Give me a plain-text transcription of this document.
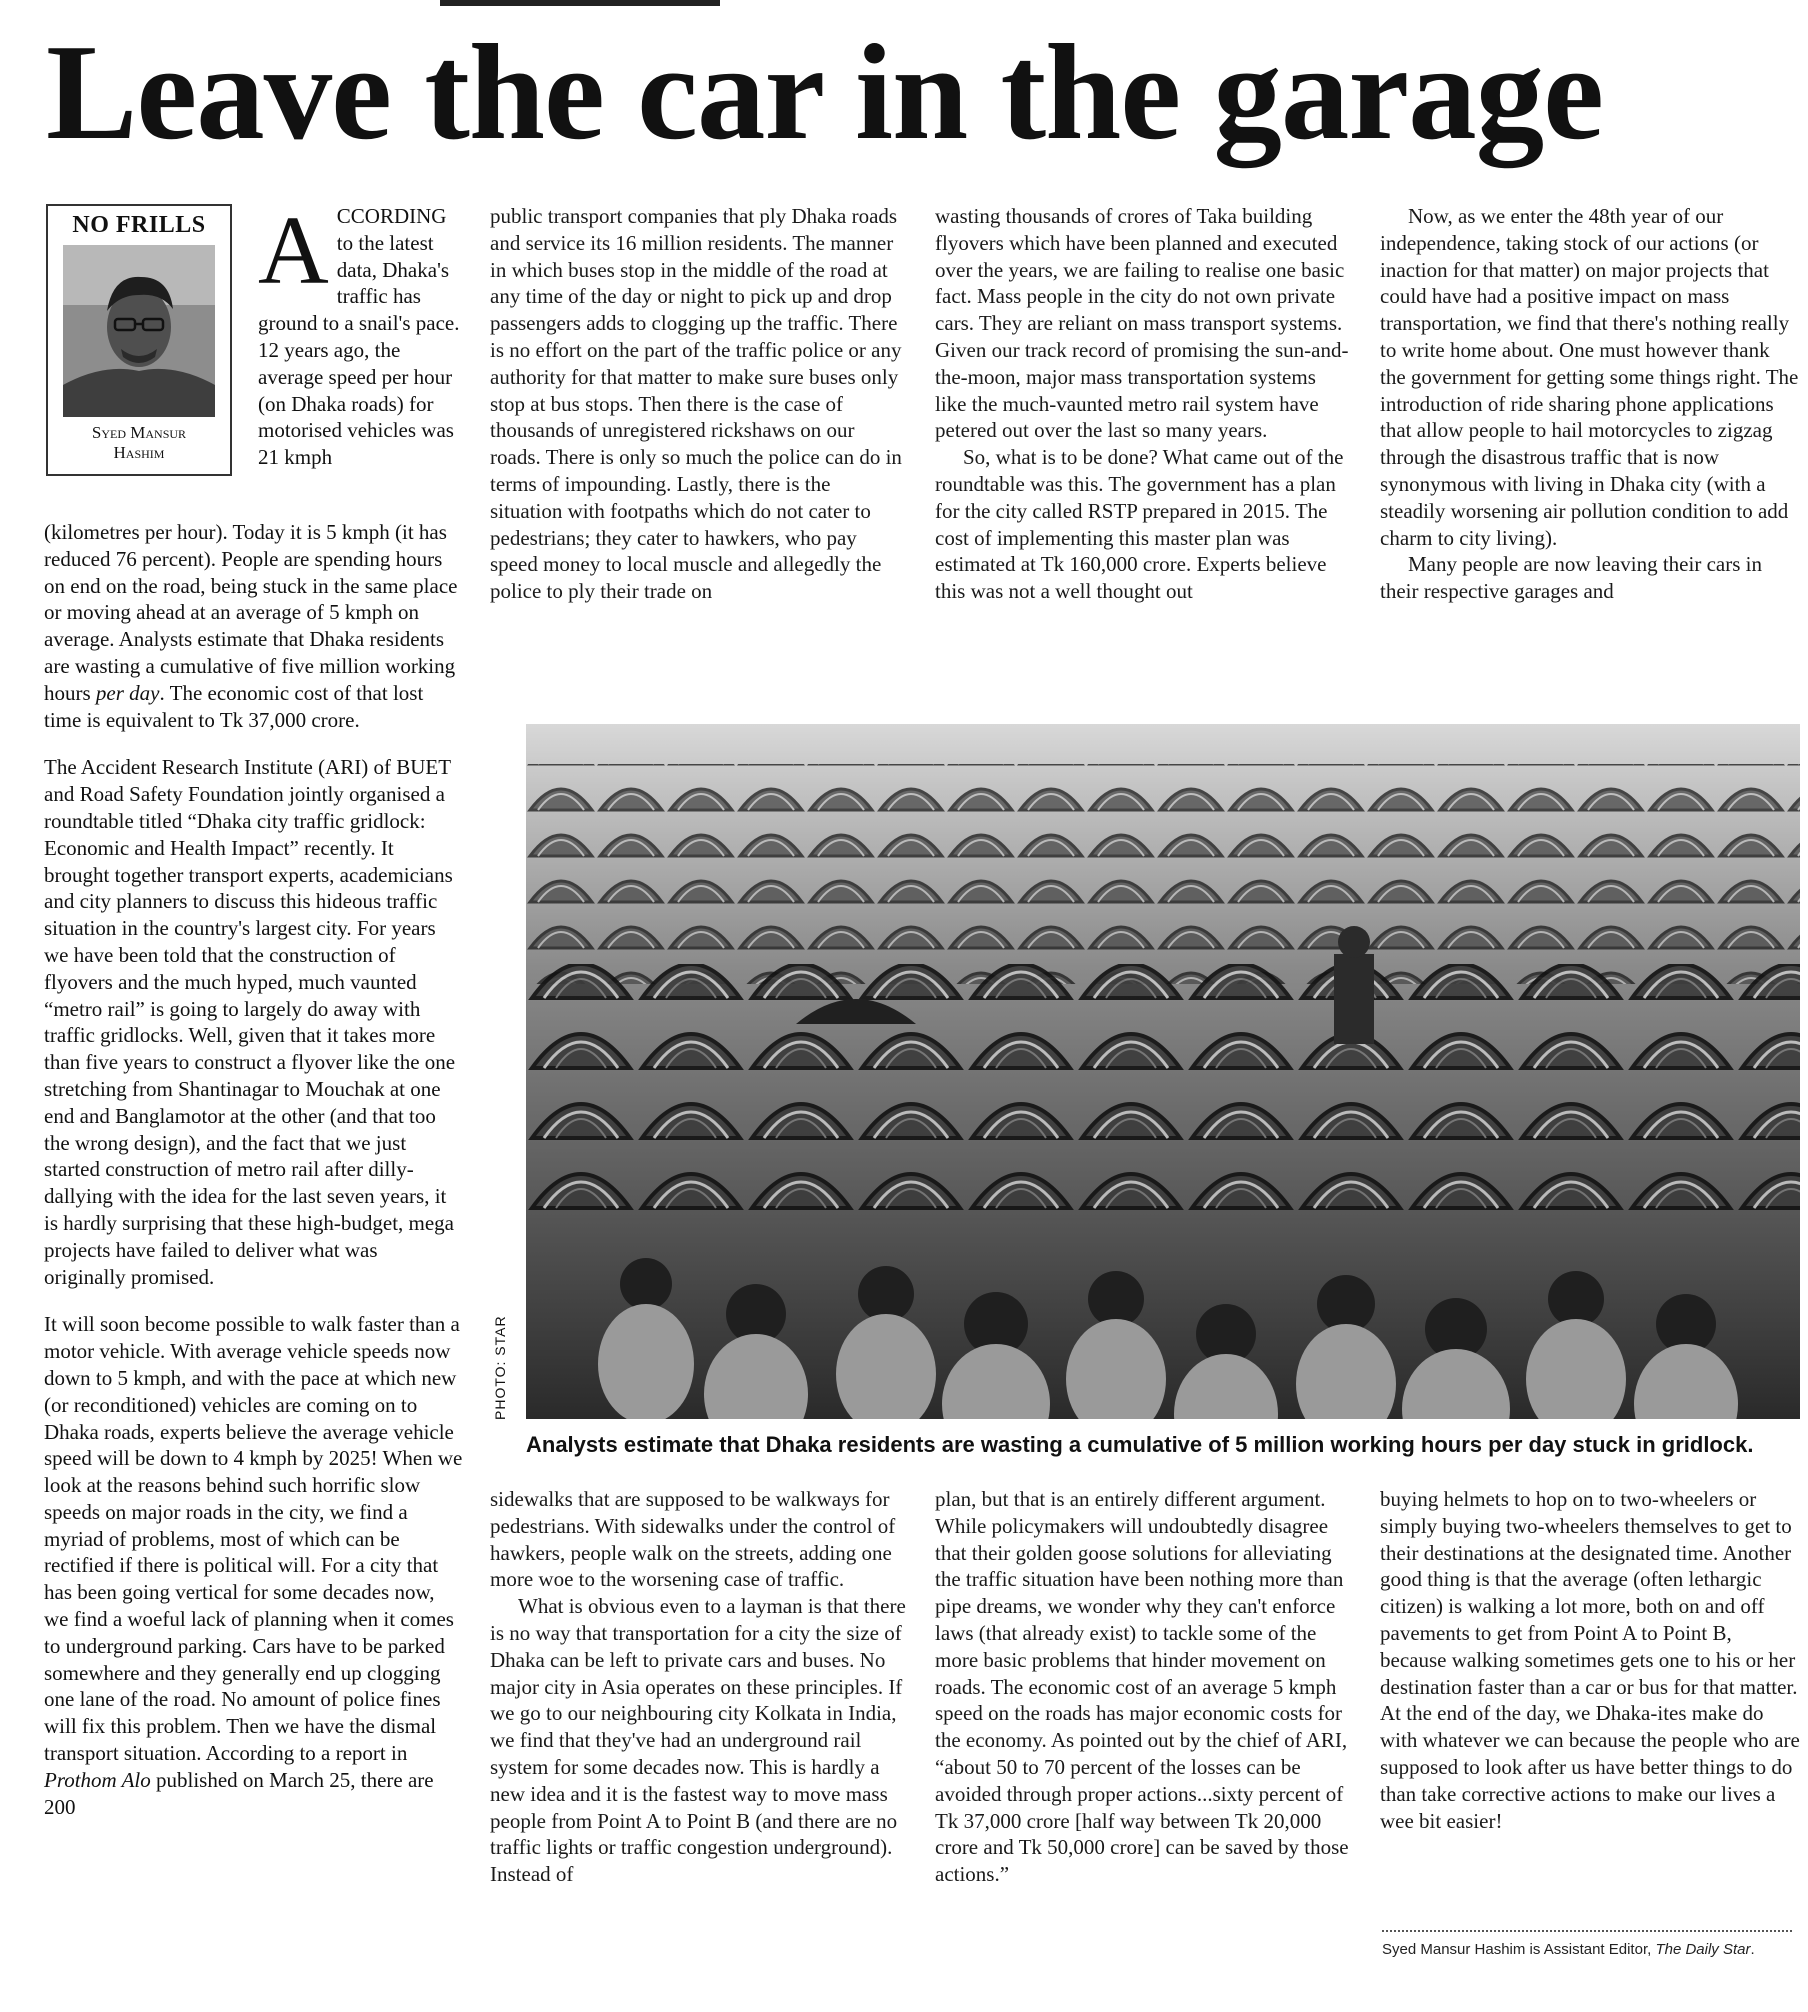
Leave the car in the garage
NO FRILLS
Syed Mansur
Hashim
ACCORDING to the latest data, Dhaka's traffic has ground to a snail's pace. 12 years ago, the average speed per hour (on Dhaka roads) for motorised vehicles was 21 kmph

(kilometres per hour). Today it is 5 kmph (it has reduced 76 percent). People are spending hours on end on the road, being stuck in the same place or moving ahead at an average of 5 kmph on average. Analysts estimate that Dhaka residents are wasting a cumulative of five million working hours per day. The economic cost of that lost time is equivalent to Tk 37,000 crore.

The Accident Research Institute (ARI) of BUET and Road Safety Foundation jointly organised a roundtable titled “Dhaka city traffic gridlock: Economic and Health Impact” recently. It brought together transport experts, academicians and city planners to discuss this hideous traffic situation in the country's largest city. For years we have been told that the construction of flyovers and the much hyped, much vaunted “metro rail” is going to largely do away with traffic gridlocks. Well, given that it takes more than five years to construct a flyover like the one stretching from Shantinagar to Mouchak at one end and Banglamotor at the other (and that too the wrong design), and the fact that we just started construction of metro rail after dilly-dallying with the idea for the last seven years, it is hardly surprising that these high-budget, mega projects have failed to deliver what was originally promised.

It will soon become possible to walk faster than a motor vehicle. With average vehicle speeds now down to 5 kmph, and with the pace at which new (or reconditioned) vehicles are coming on to Dhaka roads, experts believe the average vehicle speed will be down to 4 kmph by 2025! When we look at the reasons behind such horrific slow speeds on major roads in the city, we find a myriad of problems, most of which can be rectified if there is political will. For a city that has been going vertical for some decades now, we find a woeful lack of planning when it comes to underground parking. Cars have to be parked somewhere and they generally end up clogging one lane of the road. No amount of police fines will fix this problem. Then we have the dismal transport situation. According to a report in Prothom Alo published on March 25, there are 200

public transport companies that ply Dhaka roads and service its 16 million residents. The manner in which buses stop in the middle of the road at any time of the day or night to pick up and drop passengers adds to clogging up the traffic. There is no effort on the part of the traffic police or any authority for that matter to make sure buses only stop at bus stops. Then there is the case of thousands of unregistered rickshaws on our roads. There is only so much the police can do in terms of impounding. Lastly, there is the situation with footpaths which do not cater to pedestrians; they cater to hawkers, who pay speed money to local muscle and allegedly the police to ply their trade on

wasting thousands of crores of Taka building flyovers which have been planned and executed over the years, we are failing to realise one basic fact. Mass people in the city do not own private cars. They are reliant on mass transport systems. Given our track record of promising the sun-and-the-moon, major mass transportation systems like the much-vaunted metro rail system have petered out over the last so many years.

So, what is to be done? What came out of the roundtable was this. The government has a plan for the city called RSTP prepared in 2015. The cost of implementing this master plan was estimated at Tk 160,000 crore. Experts believe this was not a well thought out

Now, as we enter the 48th year of our independence, taking stock of our actions (or inaction for that matter) on major projects that could have had a positive impact on mass transportation, we find that there's nothing really to write home about. One must however thank the government for getting some things right. The introduction of ride sharing phone applications that allow people to hail motorcycles to zigzag through the disastrous traffic that is now synonymous with living in Dhaka city (with a steadily worsening air pollution condition to add charm to city living).

Many people are now leaving their cars in their respective garages and

PHOTO: STAR
Analysts estimate that Dhaka residents are wasting a cumulative of 5 million working hours per day stuck in gridlock.

sidewalks that are supposed to be walkways for pedestrians. With sidewalks under the control of hawkers, people walk on the streets, adding one more woe to the worsening case of traffic.

What is obvious even to a layman is that there is no way that transportation for a city the size of Dhaka can be left to private cars and buses. No major city in Asia operates on these principles. If we go to our neighbouring city Kolkata in India, we find that they've had an underground rail system for some decades now. This is hardly a new idea and it is the fastest way to move mass people from Point A to Point B (and there are no traffic lights or traffic congestion underground). Instead of

plan, but that is an entirely different argument. While policymakers will undoubtedly disagree that their golden goose solutions for alleviating the traffic situation have been nothing more than pipe dreams, we wonder why they can't enforce laws (that already exist) to tackle some of the more basic problems that hinder movement on roads. The economic cost of an average 5 kmph speed on the roads has major economic costs for the economy. As pointed out by the chief of ARI, “about 50 to 70 percent of the losses can be avoided through proper actions...sixty percent of Tk 37,000 crore [half way between Tk 20,000 crore and Tk 50,000 crore] can be saved by those actions.”

buying helmets to hop on to two-wheelers or simply buying two-wheelers themselves to get to their destinations at the designated time. Another good thing is that the average (often lethargic citizen) is walking a lot more, both on and off pavements to get from Point A to Point B, because walking sometimes gets one to his or her destination faster than a car or bus for that matter. At the end of the day, we Dhaka-ites make do with whatever we can because the people who are supposed to look after us have better things to do than take corrective actions to make our lives a wee bit easier!

Syed Mansur Hashim is Assistant Editor, The Daily Star.
